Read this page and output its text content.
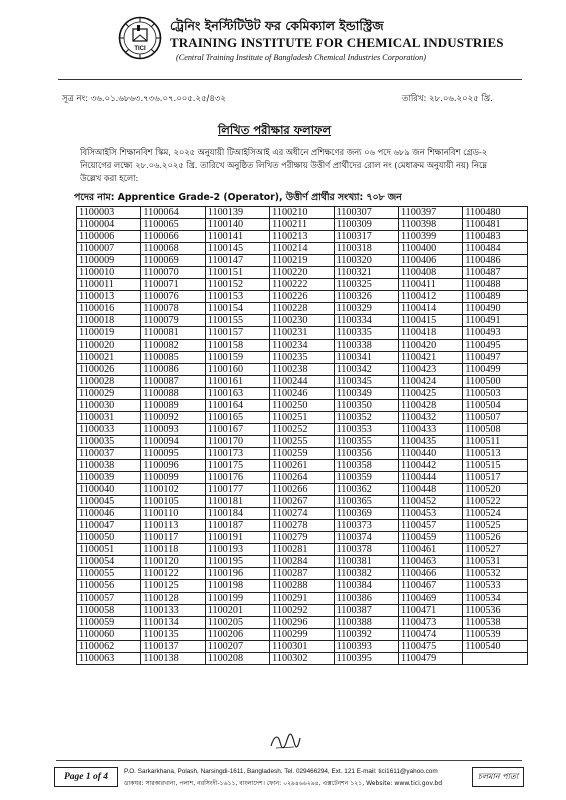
TICI
ট্রেনিং ইনস্টিটিউট ফর কেমিক্যাল ইন্ডাস্ট্রিজ
TRAINING INSTITUTE FOR CHEMICAL INDUSTRIES
(Central Training Institute of Bangladesh Chemical Industries Corporation)
সূত্র নং: ৩৬.০১.৬৮৬৩.৭৩৬.০৭.০০৫.২৫/৪৩২	তারিখ: ২৮.০৬.২০২৫ খ্রি.
লিখিত পরীক্ষার ফলাফল
বিসিআইসি শিক্ষানবিশ স্কিম, ২০২৫ অনুযায়ী টিআইসিআই এর অধীনে প্রশিক্ষণের জন্য ০৬ পদে ৬৮৯ জন শিক্ষানবিশ গ্রেড-২ নিয়োগের লক্ষ্যে ২৮.০৬.২০২৫ খ্রি. তারিখে অনুষ্ঠিত লিখিত পরীক্ষায় উত্তীর্ণ প্রার্থীদের রোল নং (মেধাক্রম অনুযায়ী নয়) নিম্নে উল্লেখ করা হলো:
পদের নাম: Apprentice Grade-2 (Operator), উত্তীর্ণ প্রার্থীর সংখ্যা: ৭০৮ জন
1100003	1100064	1100139	1100210	1100307	1100397	1100480
1100004	1100065	1100140	1100211	1100309	1100398	1100481
1100006	1100066	1100141	1100213	1100317	1100399	1100483
1100007	1100068	1100145	1100214	1100318	1100400	1100484
1100009	1100069	1100147	1100219	1100320	1100406	1100486
1100010	1100070	1100151	1100220	1100321	1100408	1100487
1100011	1100071	1100152	1100222	1100325	1100411	1100488
1100013	1100076	1100153	1100226	1100326	1100412	1100489
1100016	1100078	1100154	1100228	1100329	1100414	1100490
1100018	1100079	1100155	1100230	1100334	1100415	1100491
1100019	1100081	1100157	1100231	1100335	1100418	1100493
1100020	1100082	1100158	1100234	1100338	1100420	1100495
1100021	1100085	1100159	1100235	1100341	1100421	1100497
1100026	1100086	1100160	1100238	1100342	1100423	1100499
1100028	1100087	1100161	1100244	1100345	1100424	1100500
1100029	1100088	1100163	1100246	1100349	1100425	1100503
1100030	1100089	1100164	1100250	1100350	1100428	1100504
1100031	1100092	1100165	1100251	1100352	1100432	1100507
1100033	1100093	1100167	1100252	1100353	1100433	1100508
1100035	1100094	1100170	1100255	1100355	1100435	1100511
1100037	1100095	1100173	1100259	1100356	1100440	1100513
1100038	1100096	1100175	1100261	1100358	1100442	1100515
1100039	1100099	1100176	1100264	1100359	1100444	1100517
1100040	1100102	1100177	1100266	1100362	1100448	1100520
1100045	1100105	1100181	1100267	1100365	1100452	1100522
1100046	1100110	1100184	1100274	1100369	1100453	1100524
1100047	1100113	1100187	1100278	1100373	1100457	1100525
1100050	1100117	1100191	1100279	1100374	1100459	1100526
1100051	1100118	1100193	1100281	1100378	1100461	1100527
1100054	1100120	1100195	1100284	1100381	1100463	1100531
1100055	1100122	1100196	1100287	1100382	1100466	1100532
1100056	1100125	1100198	1100288	1100384	1100467	1100533
1100057	1100128	1100199	1100291	1100386	1100469	1100534
1100058	1100133	1100201	1100292	1100387	1100471	1100536
1100059	1100134	1100205	1100296	1100388	1100473	1100538
1100060	1100135	1100206	1100299	1100392	1100474	1100539
1100062	1100137	1100207	1100301	1100393	1100475	1100540
1100063	1100138	1100208	1100302	1100395	1100479	
Page 1 of 4
P.O. Sarkarkhana, Polash, Narsingdi-1611, Bangladesh. Tel. 029466294, Ext. 121 E-mail: tici1611@yahoo.com
ডাকঘর: সারকারখানা, পলাশ, নরসিংদী-১৬১১, বাংলাদেশ। ফোন: ০২৯৪৬৬২৯৪, এক্সটেনশন ১২১, Website: www.tici.gov.bd
চলমান পাতা
